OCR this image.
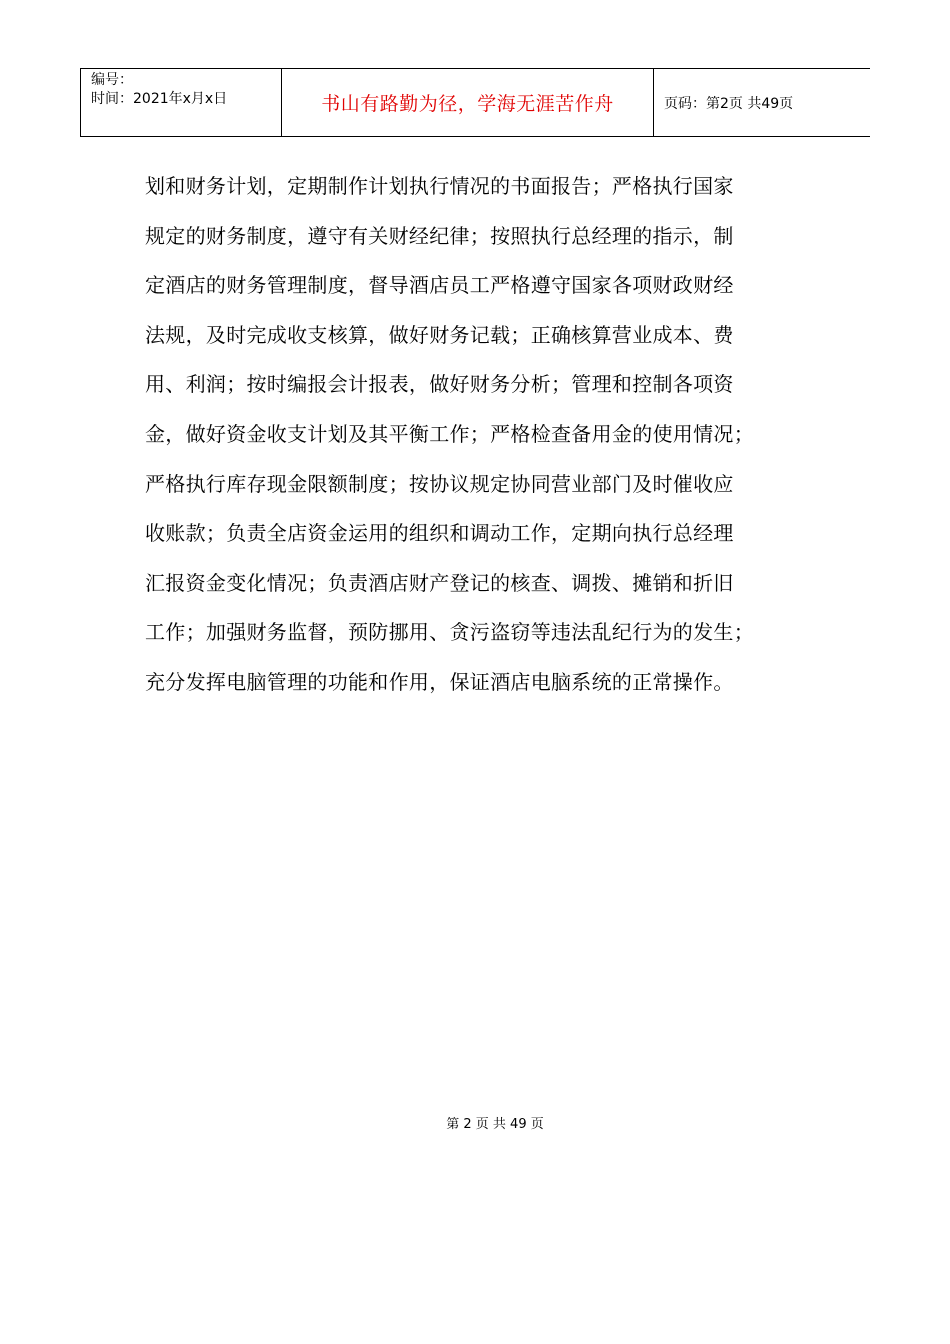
编号：
时间：2021年x月x日	书山有路勤为径，学海无涯苦作舟	页码：第2页 共49页

划和财务计划，定期制作计划执行情况的书面报告；严格执行国家

规定的财务制度，遵守有关财经纪律；按照执行总经理的指示，制

定酒店的财务管理制度，督导酒店员工严格遵守国家各项财政财经

法规，及时完成收支核算，做好财务记载；正确核算营业成本、费

用、利润；按时编报会计报表，做好财务分析；管理和控制各项资

金，做好资金收支计划及其平衡工作；严格检查备用金的使用情况；

严格执行库存现金限额制度；按协议规定协同营业部门及时催收应

收账款；负责全店资金运用的组织和调动工作，定期向执行总经理

汇报资金变化情况；负责酒店财产登记的核查、调拨、摊销和折旧

工作；加强财务监督，预防挪用、贪污盗窃等违法乱纪行为的发生；

充分发挥电脑管理的功能和作用，保证酒店电脑系统的正常操作。

第 2 页 共 49 页
